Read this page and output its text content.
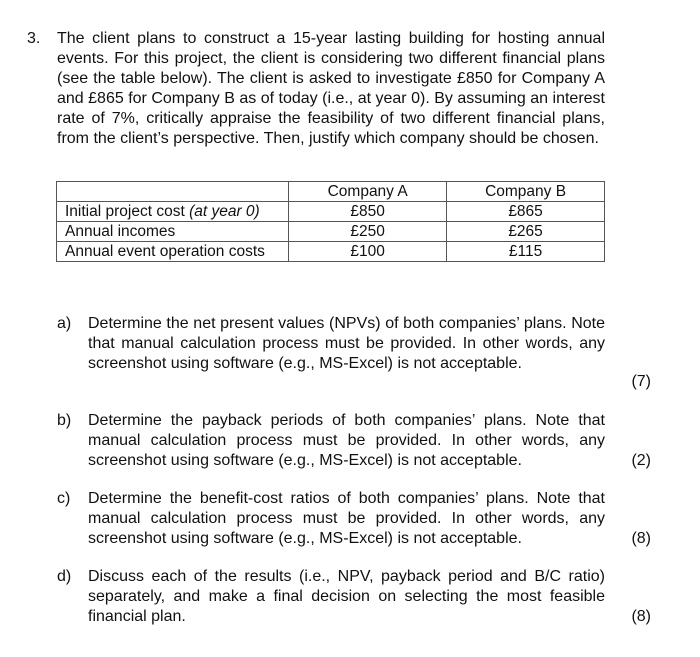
3. The client plans to construct a 15-year lasting building for hosting annual events. For this project, the client is considering two different financial plans (see the table below). The client is asked to investigate £850 for Company A and £865 for Company B as of today (i.e., at year 0). By assuming an interest rate of 7%, critically appraise the feasibility of two different financial plans, from the client’s perspective. Then, justify which company should be chosen.
	Company A	Company B
Initial project cost (at year 0)	£850	£865
Annual incomes	£250	£265
Annual event operation costs	£100	£115
a) Determine the net present values (NPVs) of both companies’ plans. Note that manual calculation process must be provided. In other words, any screenshot using software (e.g., MS-Excel) is not acceptable.
(7)
b) Determine the payback periods of both companies’ plans. Note that manual calculation process must be provided. In other words, any screenshot using software (e.g., MS-Excel) is not acceptable.	(2)
c) Determine the benefit-cost ratios of both companies’ plans. Note that manual calculation process must be provided. In other words, any screenshot using software (e.g., MS-Excel) is not acceptable.	(8)
d) Discuss each of the results (i.e., NPV, payback period and B/C ratio) separately, and make a final decision on selecting the most feasible financial plan.	(8)
